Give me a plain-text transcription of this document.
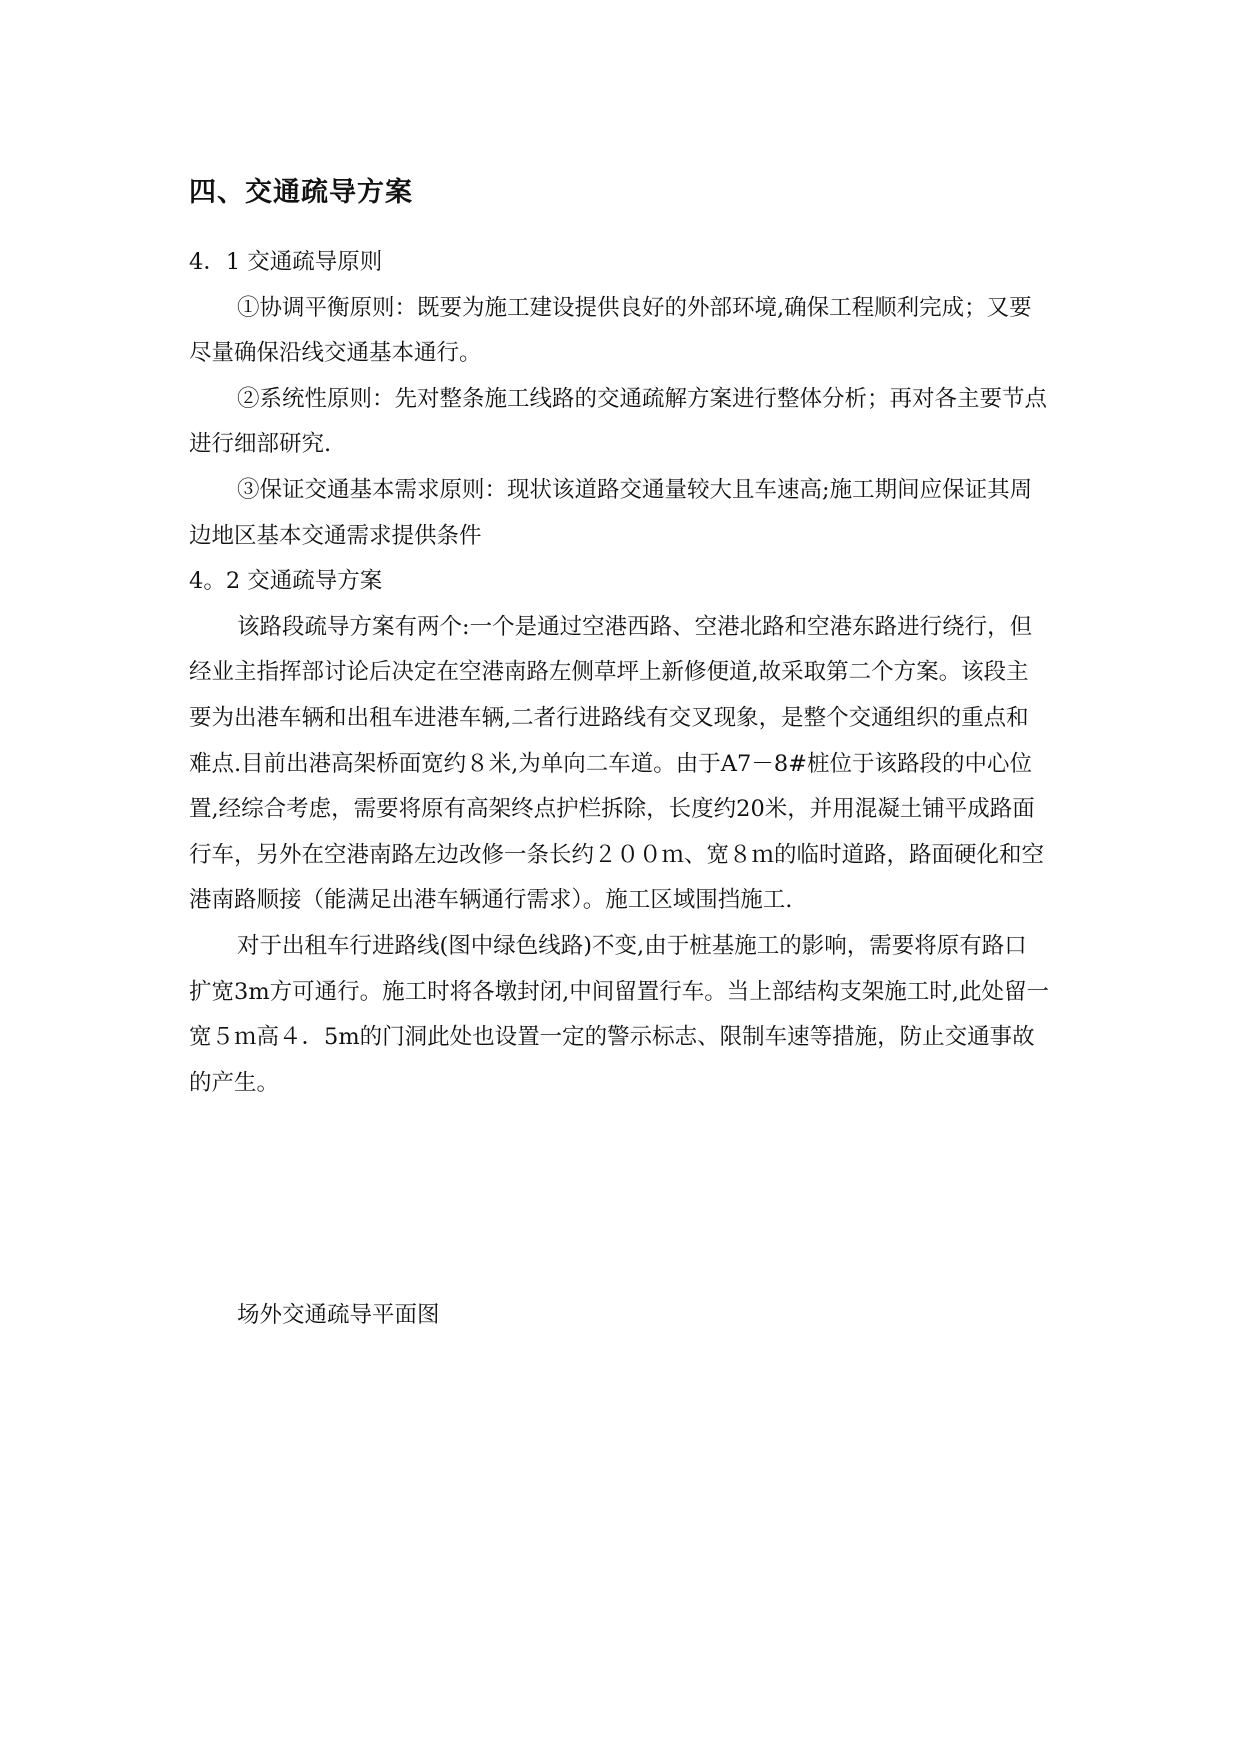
四、交通疏导方案

4．1 交通疏导原则

①协调平衡原则：既要为施工建设提供良好的外部环境,确保工程顺利完成；又要尽量确保沿线交通基本通行。

②系统性原则：先对整条施工线路的交通疏解方案进行整体分析；再对各主要节点进行细部研究.

③保证交通基本需求原则：现状该道路交通量较大且车速高;施工期间应保证其周边地区基本交通需求提供条件

4。2 交通疏导方案

该路段疏导方案有两个:一个是通过空港西路、空港北路和空港东路进行绕行，但经业主指挥部讨论后决定在空港南路左侧草坪上新修便道,故采取第二个方案。该段主要为出港车辆和出租车进港车辆,二者行进路线有交叉现象，是整个交通组织的重点和难点.目前出港高架桥面宽约８米,为单向二车道。由于A7－8#桩位于该路段的中心位置,经综合考虑，需要将原有高架终点护栏拆除，长度约20米，并用混凝土铺平成路面行车，另外在空港南路左边改修一条长约２００ｍ、宽８ｍ的临时道路，路面硬化和空港南路顺接（能满足出港车辆通行需求）。施工区域围挡施工.

对于出租车行进路线(图中绿色线路)不变,由于桩基施工的影响，需要将原有路口扩宽3m方可通行。施工时将各墩封闭,中间留置行车。当上部结构支架施工时,此处留一宽５ｍ高４．5m的门洞此处也设置一定的警示标志、限制车速等措施，防止交通事故的产生。

场外交通疏导平面图
